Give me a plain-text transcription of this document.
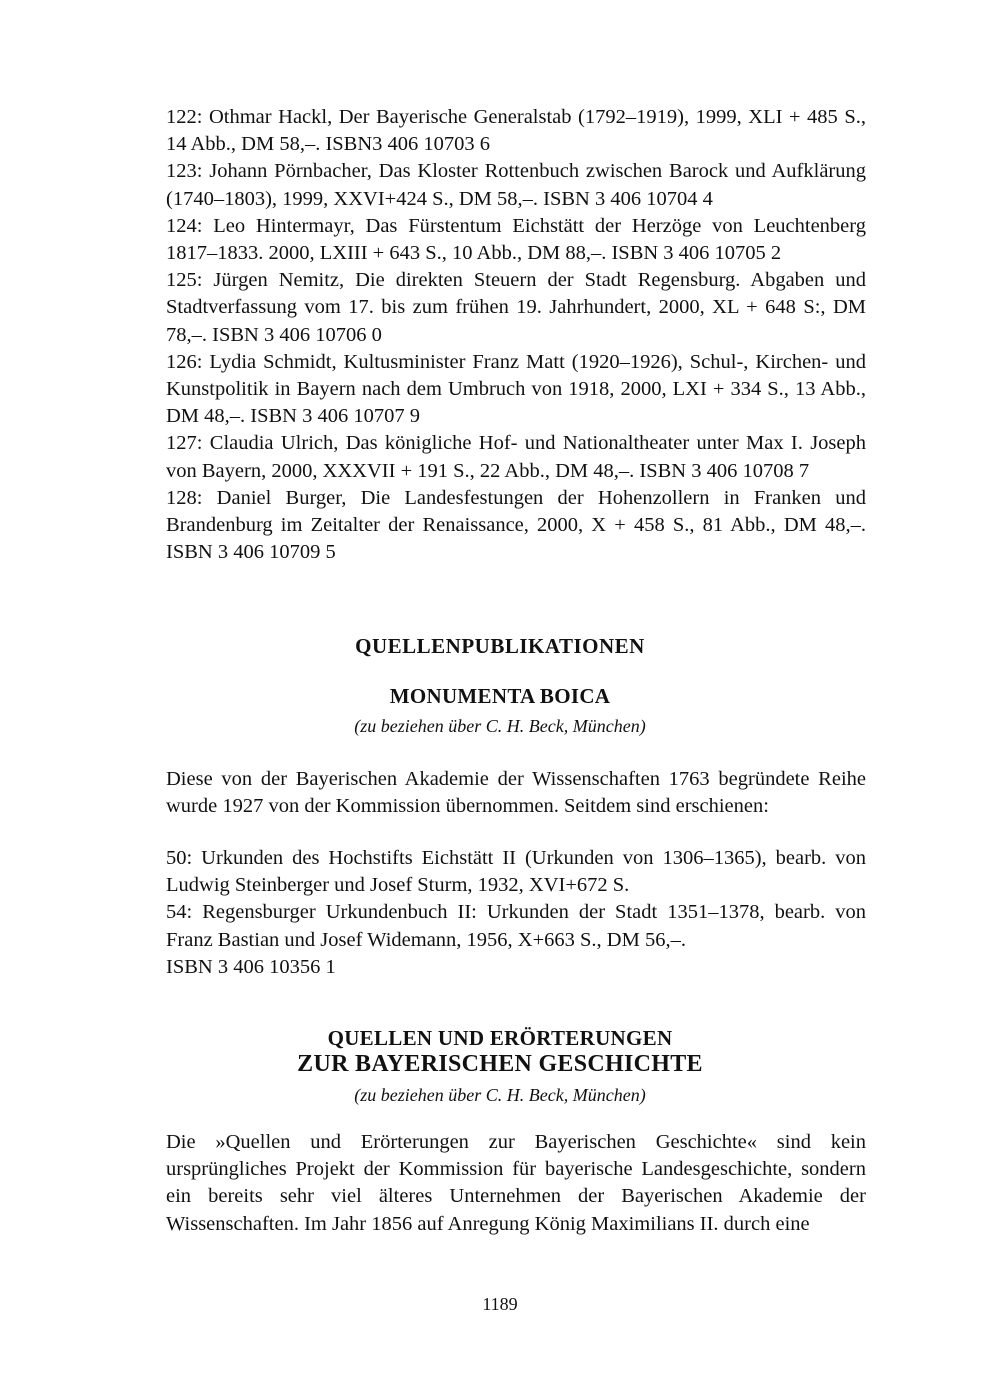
122: Othmar Hackl, Der Bayerische Generalstab (1792–1919), 1999, XLI + 485 S., 14 Abb., DM 58,–. ISBN3 406 10703 6

123: Johann Pörnbacher, Das Kloster Rottenbuch zwischen Barock und Aufklärung (1740–1803), 1999, XXVI+424 S., DM 58,–. ISBN 3 406 10704 4

124: Leo Hintermayr, Das Fürstentum Eichstätt der Herzöge von Leuchtenberg 1817–1833. 2000, LXIII + 643 S., 10 Abb., DM 88,–. ISBN 3 406 10705 2

125: Jürgen Nemitz, Die direkten Steuern der Stadt Regensburg. Abgaben und Stadtverfassung vom 17. bis zum frühen 19. Jahrhundert, 2000, XL + 648 S:, DM 78,–. ISBN 3 406 10706 0

126: Lydia Schmidt, Kultusminister Franz Matt (1920–1926), Schul-, Kirchen- und Kunstpolitik in Bayern nach dem Umbruch von 1918, 2000, LXI + 334 S., 13 Abb., DM 48,–. ISBN 3 406 10707 9

127: Claudia Ulrich, Das königliche Hof- und Nationaltheater unter Max I. Joseph von Bayern, 2000, XXXVII + 191 S., 22 Abb., DM 48,–. ISBN 3 406 10708 7

128: Daniel Burger, Die Landesfestungen der Hohenzollern in Franken und Brandenburg im Zeitalter der Renaissance, 2000, X + 458 S., 81 Abb., DM 48,–. ISBN 3 406 10709 5

QUELLENPUBLIKATIONEN
MONUMENTA BOICA

(zu beziehen über C. H. Beck, München)

Diese von der Bayerischen Akademie der Wissenschaften 1763 begründete Reihe wurde 1927 von der Kommission übernommen. Seitdem sind erschienen:

50: Urkunden des Hochstifts Eichstätt II (Urkunden von 1306–1365), bearb. von Ludwig Steinberger und Josef Sturm, 1932, XVI+672 S.

54: Regensburger Urkundenbuch II: Urkunden der Stadt 1351–1378, bearb. von Franz Bastian und Josef Widemann, 1956, X+663 S., DM 56,–.

ISBN 3 406 10356 1

QUELLEN UND ERÖRTERUNGEN
ZUR BAYERISCHEN GESCHICHTE

(zu beziehen über C. H. Beck, München)

Die »Quellen und Erörterungen zur Bayerischen Geschichte« sind kein ursprüngliches Projekt der Kommission für bayerische Landesgeschichte, sondern ein bereits sehr viel älteres Unternehmen der Bayerischen Akademie der Wissenschaften. Im Jahr 1856 auf Anregung König Maximilians II. durch eine

1189
